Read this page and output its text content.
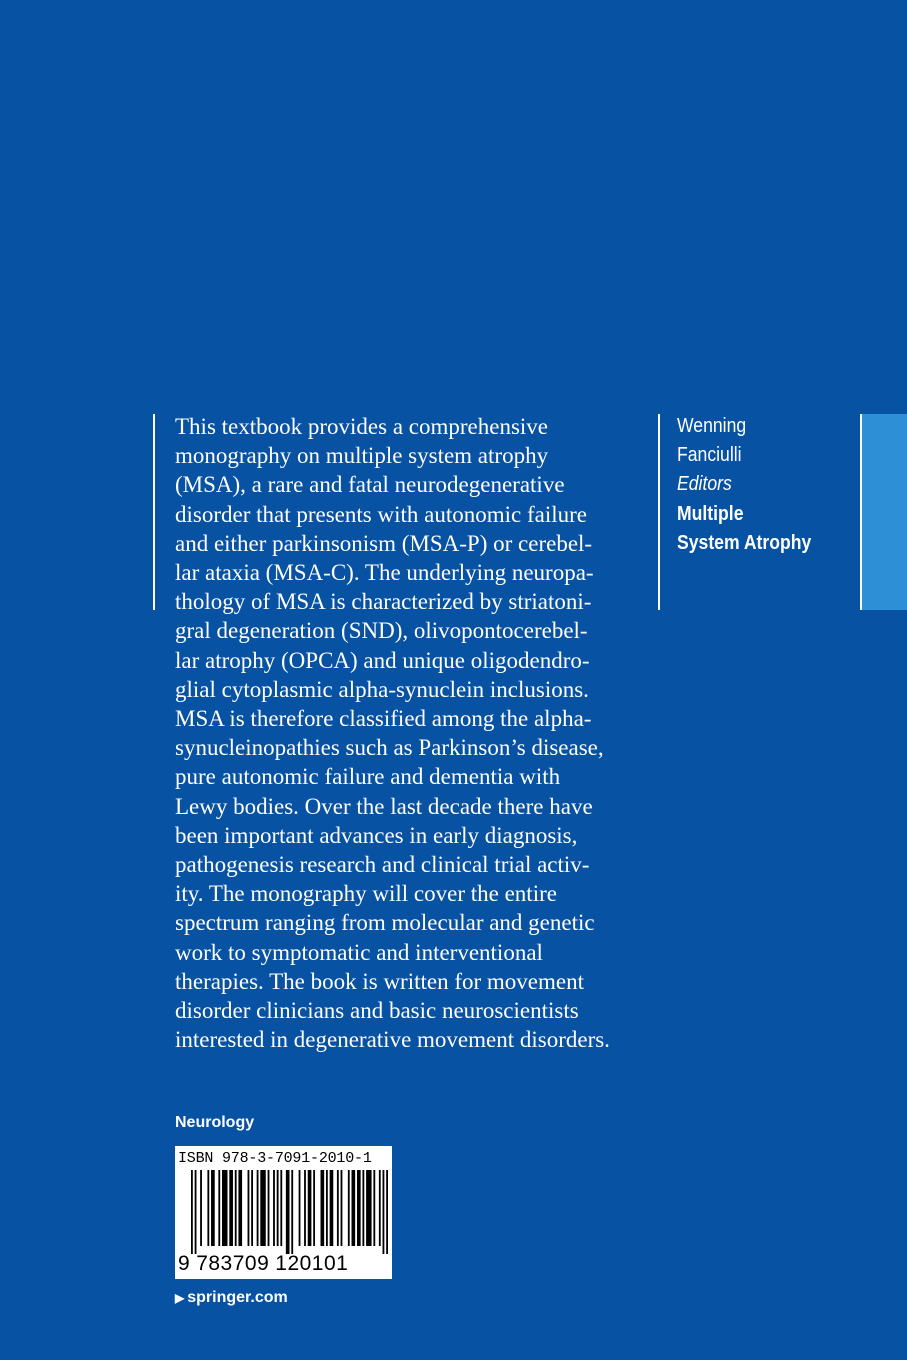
This textbook provides a comprehensive
monography on multiple system atrophy
(MSA), a rare and fatal neurodegenerative
disorder that presents with autonomic failure
and either parkinsonism (MSA-P) or cerebel-
lar ataxia (MSA-C). The underlying neuropa-
thology of MSA is characterized by striatoni-
gral degeneration (SND), olivopontocerebel-
lar atrophy (OPCA) and unique oligodendro-
glial cytoplasmic alpha-synuclein inclusions.
MSA is therefore classified among the alpha-
synucleinopathies such as Parkinson’s disease,
pure autonomic failure and dementia with
Lewy bodies. Over the last decade there have
been important advances in early diagnosis,
pathogenesis research and clinical trial activ-
ity. The monography will cover the entire
spectrum ranging from molecular and genetic
work to symptomatic and interventional
therapies. The book is written for movement
disorder clinicians and basic neuroscientists
interested in degenerative movement disorders.
Wenning
Fanciulli
Editors
Multiple
System Atrophy
Neurology
ISBN 978-3-7091-2010-1
9 783709 120101
▶ springer.com
